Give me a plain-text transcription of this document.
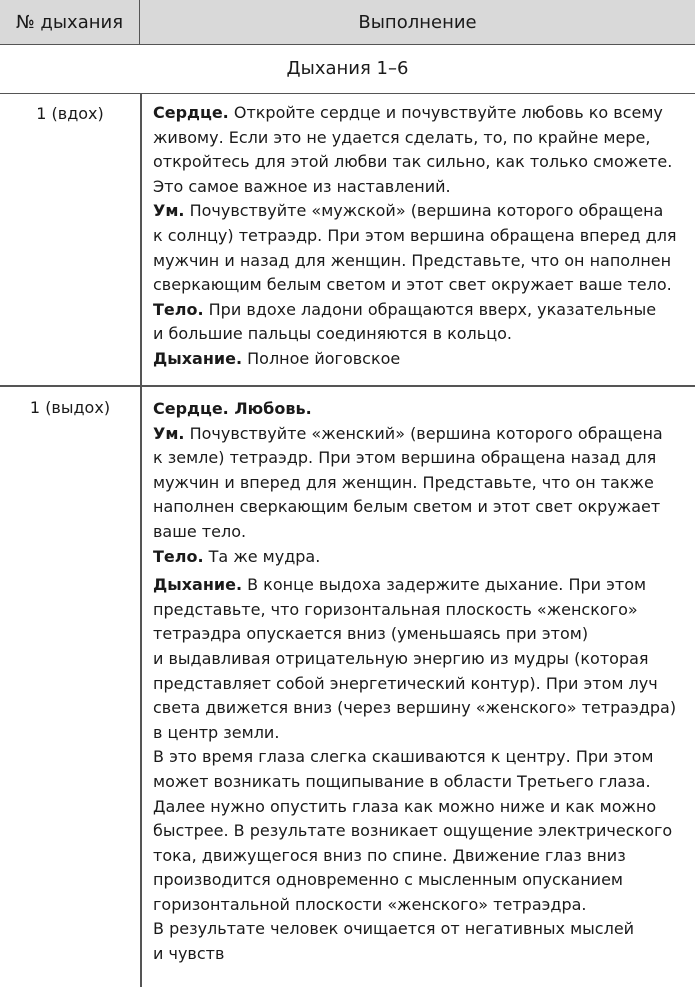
№ дыхания	Выполнение
Дыхания 1–6
1 (вдох)	Сердце. Откройте сердце и почувствуйте любовь ко всему

живому. Если это не удается сделать, то, по крайне мере,

откройтесь для этой любви так сильно, как только сможете.

Это самое важное из наставлений.

Ум. Почувствуйте «мужской» (вершина которого обращена

к солнцу) тетраэдр. При этом вершина обращена вперед для

мужчин и назад для женщин. Представьте, что он наполнен

сверкающим белым светом и этот свет окружает ваше тело.

Тело. При вдохе ладони обращаются вверх, указательные

и большие пальцы соединяются в кольцо.

Дыхание. Полное йоговское

1 (выдох)	Сердце. Любовь.

Ум. Почувствуйте «женский» (вершина которого обращена

к земле) тетраэдр. При этом вершина обращена назад для

мужчин и вперед для женщин. Представьте, что он также

наполнен сверкающим белым светом и этот свет окружает

ваше тело.

Тело. Та же мудра.

Дыхание. В конце выдоха задержите дыхание. При этом

представьте, что горизонтальная плоскость «женского»

тетраэдра опускается вниз (уменьшаясь при этом)

и выдавливая отрицательную энергию из мудры (которая

представляет собой энергетический контур). При этом луч

света движется вниз (через вершину «женского» тетраэдра)

в центр земли.

В это время глаза слегка скашиваются к центру. При этом

может возникать пощипывание в области Третьего глаза.

Далее нужно опустить глаза как можно ниже и как можно

быстрее. В результате возникает ощущение электрического

тока, движущегося вниз по спине. Движение глаз вниз

производится одновременно с мысленным опусканием

горизонтальной плоскости «женского» тетраэдра.

В результате человек очищается от негативных мыслей

и чувств
